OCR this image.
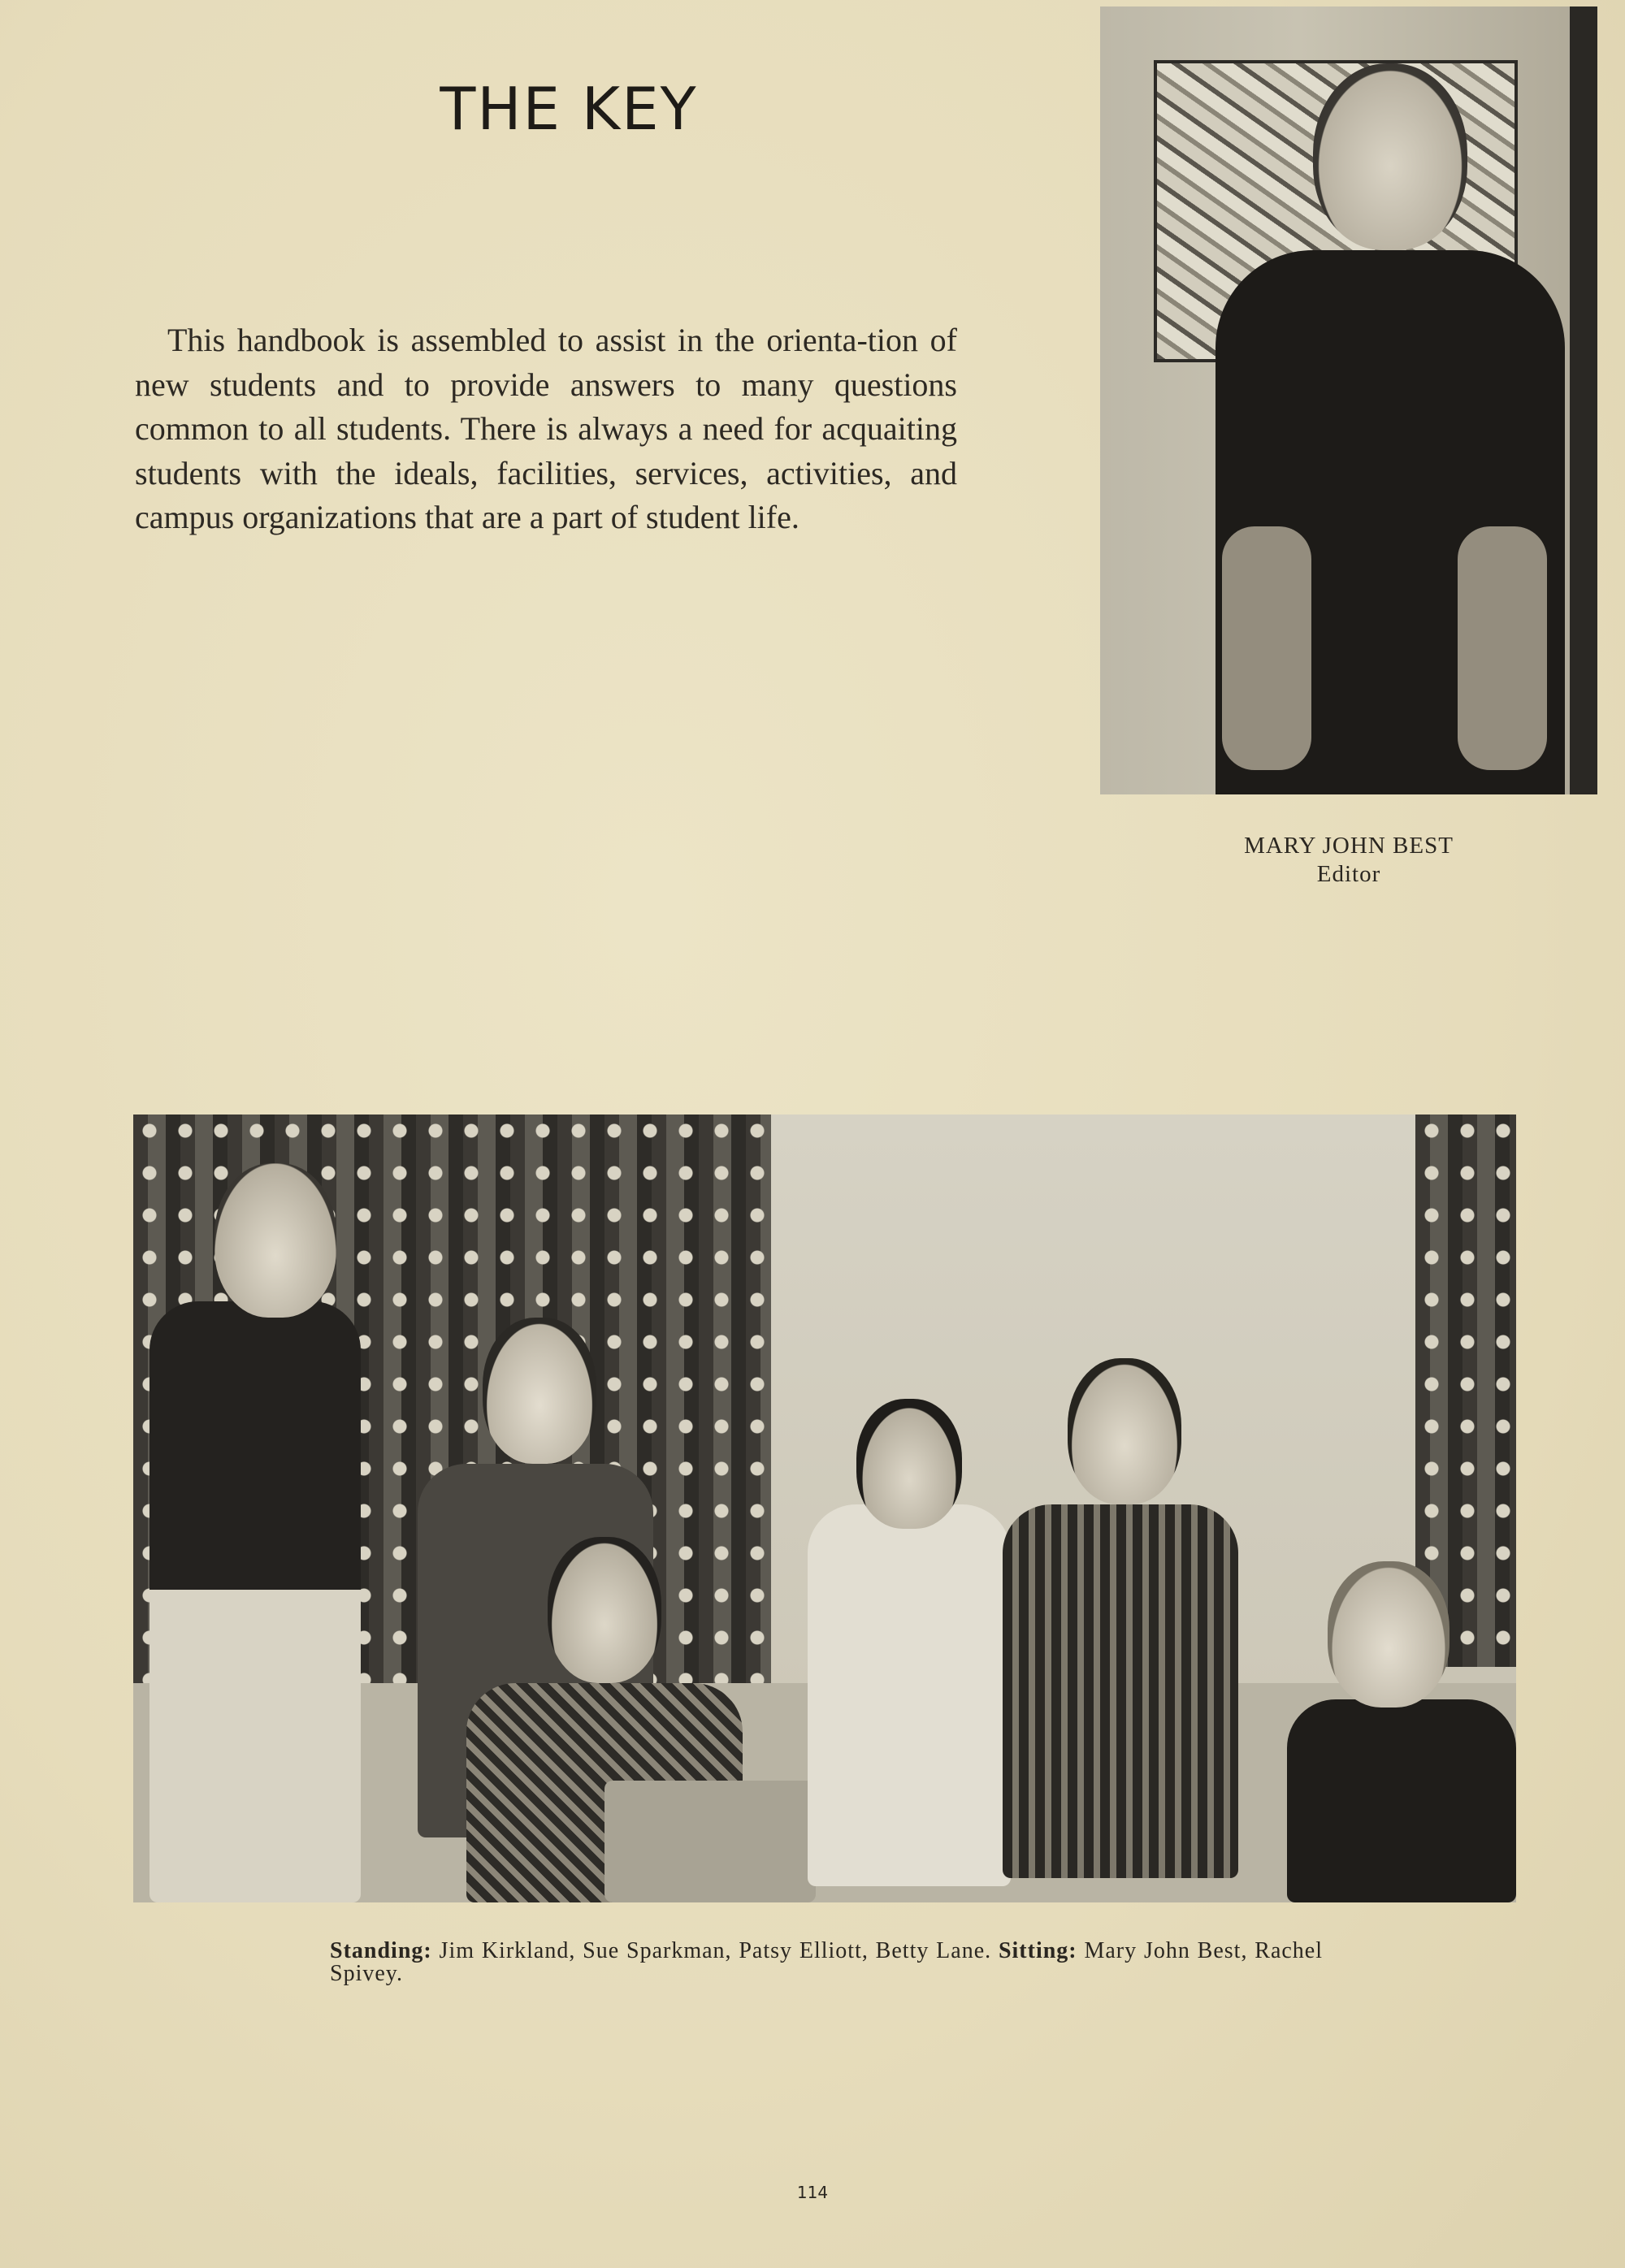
THE KEY

This handbook is assembled to assist in the orienta-tion of new students and to provide answers to many questions common to all students. There is always a need for acquaiting students with the ideals, facilities, services, activities, and campus organizations that are a part of student life.

MARY JOHN BEST
Editor
Standing: Jim Kirkland, Sue Sparkman, Patsy Elliott, Betty Lane. Sitting: Mary John Best, Rachel Spivey.
114
